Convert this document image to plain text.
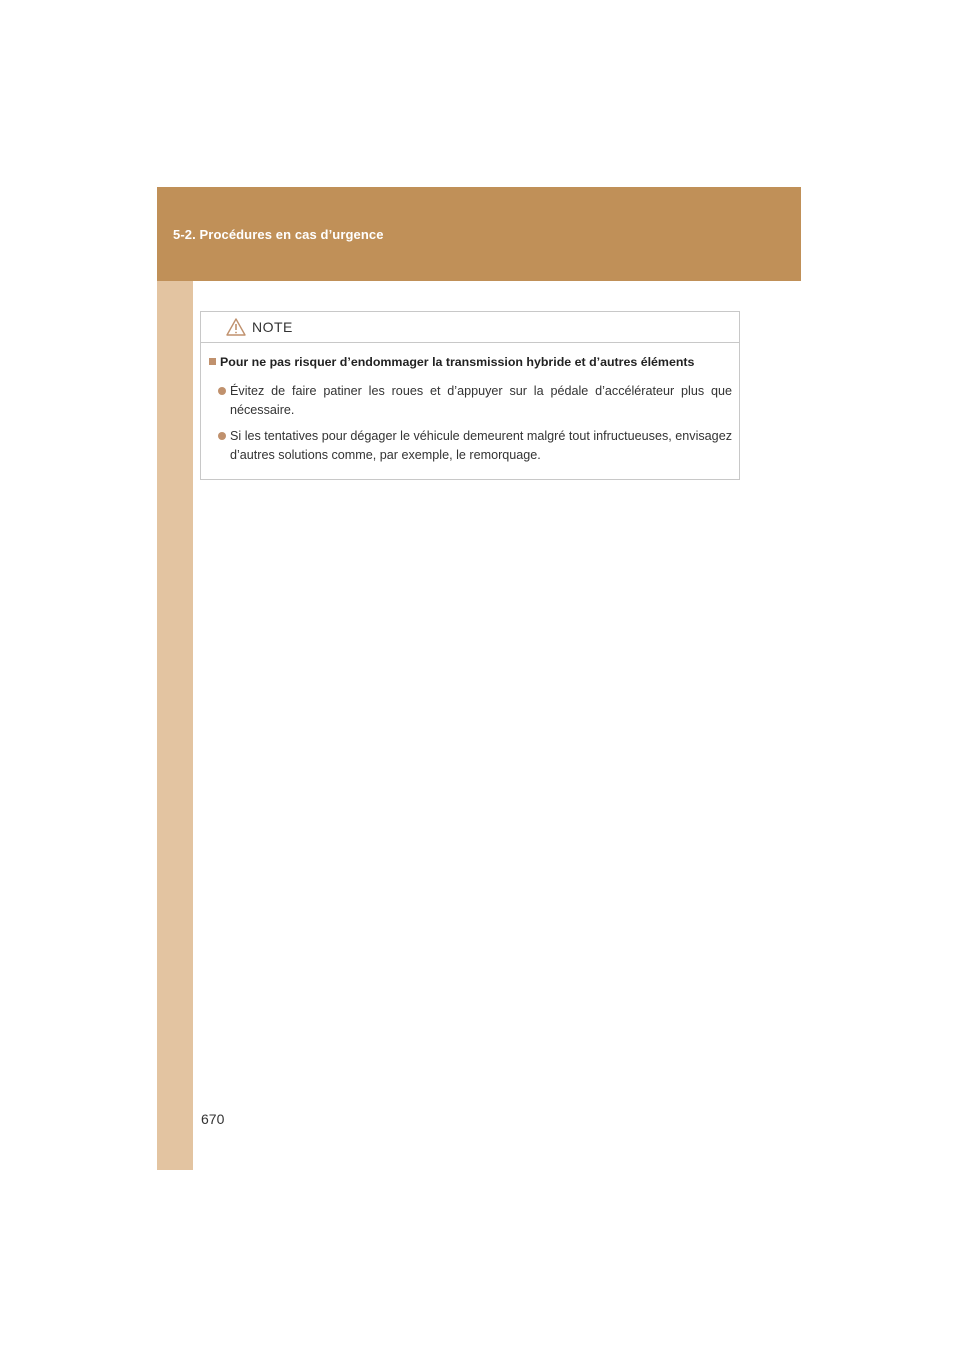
5-2. Procédures en cas d’urgence
NOTE
Pour ne pas risquer d’endommager la transmission hybride et d’autres éléments
Évitez de faire patiner les roues et d’appuyer sur la pédale d’accélérateur plus que nécessaire.
Si les tentatives pour dégager le véhicule demeurent malgré tout infructueuses, envisagez d’autres solutions comme, par exemple, le remorquage.
670
